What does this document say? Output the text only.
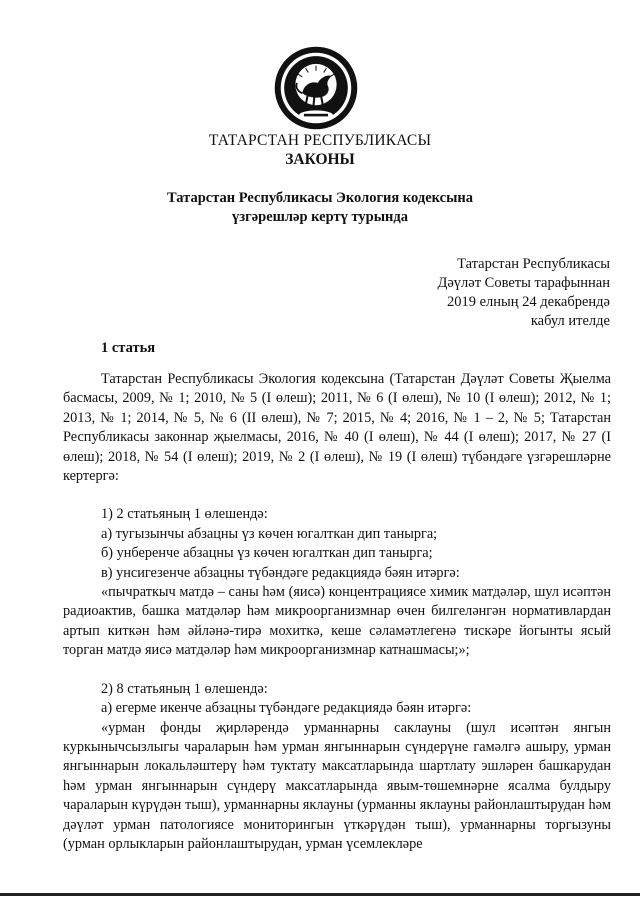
ТАТАРСТАН РЕСПУБЛИКАСЫ
ЗАКОНЫ
Татарстан Республикасы Экология кодексына
үзгәрешләр кертү турында
Татарстан Республикасы
Дәүләт Советы тарафыннан
2019 елның 24 декабрендә
кабул ителде
1 статья

Татарстан Республикасы Экология кодексына (Татарстан Дәүләт Советы Җыелма басмасы, 2009, № 1; 2010, № 5 (I өлеш); 2011, № 6 (I өлеш), № 10 (I өлеш); 2012, № 1; 2013, № 1; 2014, № 5, № 6 (II өлеш), № 7; 2015, № 4; 2016, № 1 – 2, № 5; Татарстан Республикасы законнар җыелмасы, 2016, № 40 (I өлеш), № 44 (I өлеш); 2017, № 27 (I өлеш); 2018, № 54 (I өлеш); 2019, № 2 (I өлеш), № 19 (I өлеш) түбәндәге үзгәрешләрне кертергә:

1) 2 статьяның 1 өлешендә:

а) тугызынчы абзацны үз көчен югалткан дип танырга;

б) унберенче абзацны үз көчен югалткан дип танырга;

в) унсигезенче абзацны түбәндәге редакциядә бәян итәргә:

«пычраткыч матдә – саны һәм (яисә) концентрациясе химик матдәләр, шул исәптән радиоактив, башка матдәләр һәм микроорганизмнар өчен билгеләнгән нормативлардан артып киткән һәм әйләнә-тирә мохиткә, кеше сәламәтлегенә тискәре йогынты ясый торган матдә яисә матдәләр һәм микроорганизмнар катнашмасы;»;

2) 8 статьяның 1 өлешендә:

а) егерме икенче абзацны түбәндәге редакциядә бәян итәргә:

«урман фонды җирләрендә урманнарны саклауны (шул исәптән янгын куркынычсызлыгы чараларын һәм урман янгыннарын сүндерүне гамәлгә ашыру, урман янгыннарын локальләштерү һәм туктату максатларында шартлату эшләрен башкарудан һәм урман янгыннарын сүндерү максатларында явым-төшемнәрне ясалма булдыру чараларын күрүдән тыш), урманнарны яклауны (урманны яклауны районлаштырудан һәм дәүләт урман патологиясе мониторингын үткәрүдән тыш), урманнарны торгызуны (урман орлыкларын районлаштырудан, урман үсемлекләре
